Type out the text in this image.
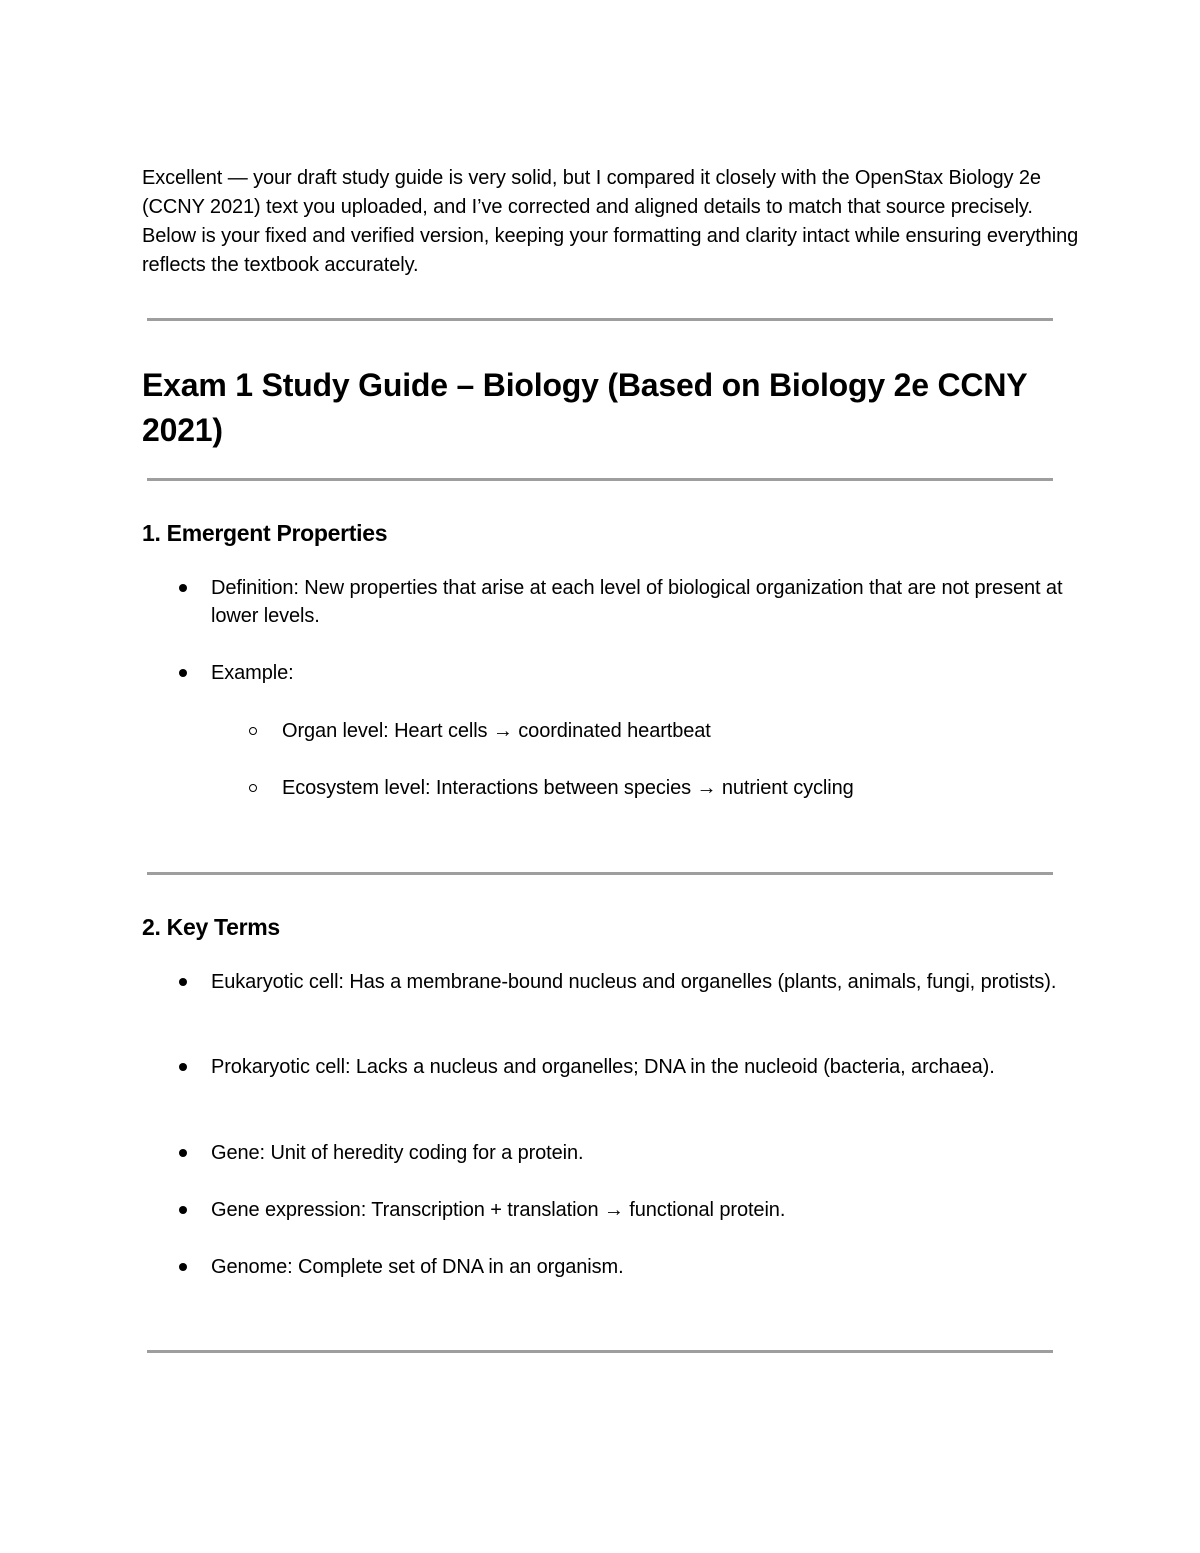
Excellent — your draft study guide is very solid, but I compared it closely with the OpenStax Biology 2e (CCNY 2021) text you uploaded, and I’ve corrected and aligned details to match that source precisely. Below is your fixed and verified version, keeping your formatting and clarity intact while ensuring everything reflects the textbook accurately.

Exam 1 Study Guide – Biology (Based on Biology 2e CCNY 2021)
1. Emergent Properties
Definition: New properties that arise at each level of biological organization that are not present at lower levels.
Example:
Organ level: Heart cells → coordinated heartbeat
Ecosystem level: Interactions between species → nutrient cycling
2. Key Terms
Eukaryotic cell: Has a membrane-bound nucleus and organelles (plants, animals, fungi, protists).
Prokaryotic cell: Lacks a nucleus and organelles; DNA in the nucleoid (bacteria, archaea).
Gene: Unit of heredity coding for a protein.
Gene expression: Transcription + translation → functional protein.
Genome: Complete set of DNA in an organism.
